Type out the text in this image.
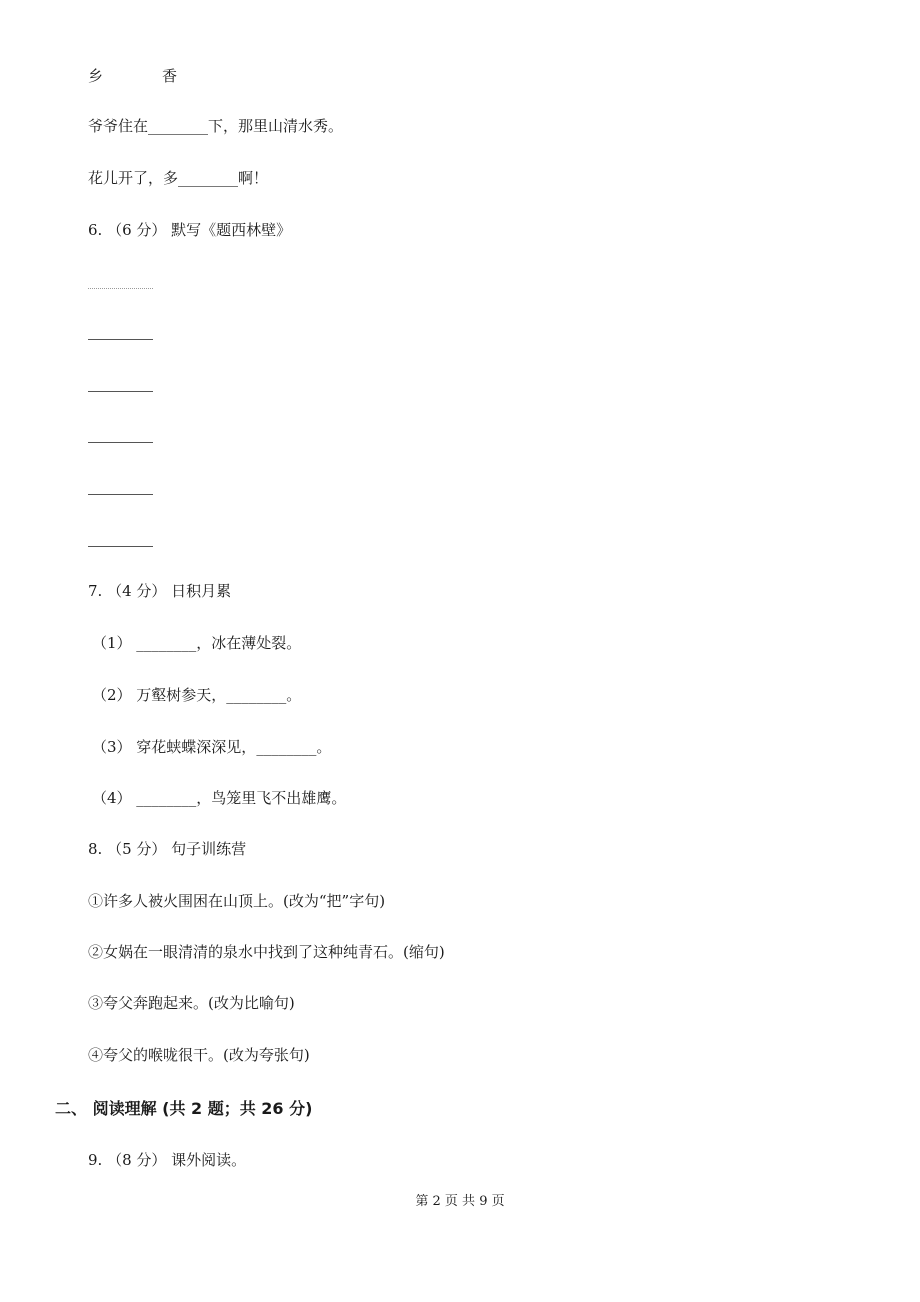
乡	香
爷爷住在________下，那里山清水秀。
花儿开了，多________啊！
6. （6 分） 默写《题西林壁》
7. （4 分） 日积月累
（1） ________，冰在薄处裂。
（2） 万壑树参天，________。
（3） 穿花蛱蝶深深见，________。
（4） ________，鸟笼里飞不出雄鹰。
8. （5 分） 句子训练营
①许多人被火围困在山顶上。(改为“把”字句)
②女娲在一眼清清的泉水中找到了这种纯青石。(缩句)
③夸父奔跑起来。(改为比喻句)
④夸父的喉咙很干。(改为夸张句)
二、 阅读理解 (共 2 题；共 26 分)
9. （8 分） 课外阅读。
第 2 页 共 9 页
